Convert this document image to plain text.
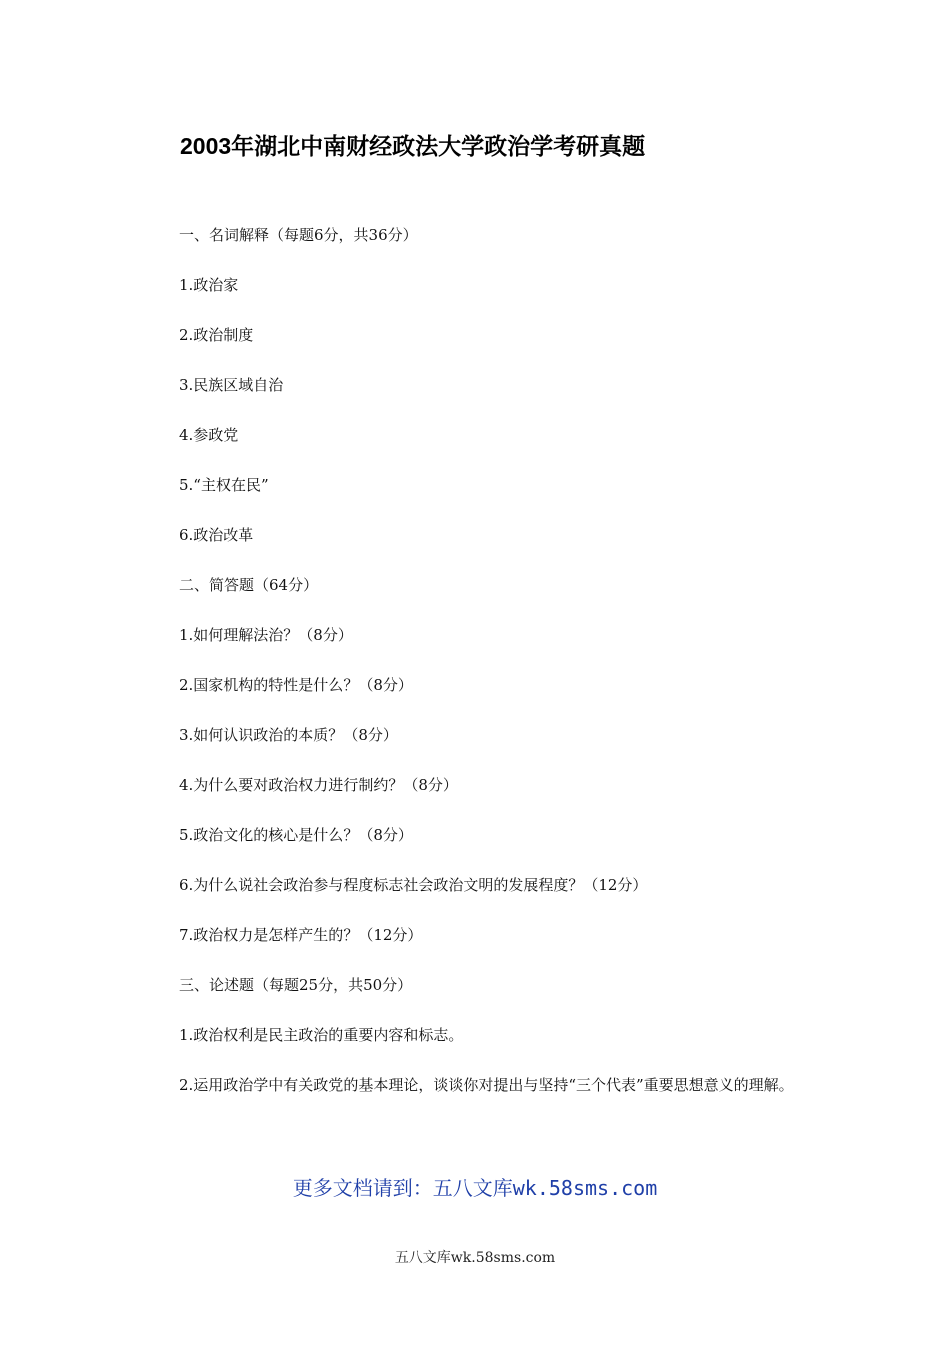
2003年湖北中南财经政法大学政治学考研真题
一、名词解释（每题6分，共36分）
1.政治家
2.政治制度
3.民族区域自治
4.参政党
5.“主权在民”
6.政治改革
二、简答题（64分）
1.如何理解法治？（8分）
2.国家机构的特性是什么？（8分）
3.如何认识政治的本质？（8分）
4.为什么要对政治权力进行制约？（8分）
5.政治文化的核心是什么？（8分）
6.为什么说社会政治参与程度标志社会政治文明的发展程度？（12分）
7.政治权力是怎样产生的？（12分）
三、论述题（每题25分，共50分）
1.政治权利是民主政治的重要内容和标志。
2.运用政治学中有关政党的基本理论，谈谈你对提出与坚持“三个代表”重要思想意义的理解。
更多文档请到：五八文库wk.58sms.com
五八文库wk.58sms.com
